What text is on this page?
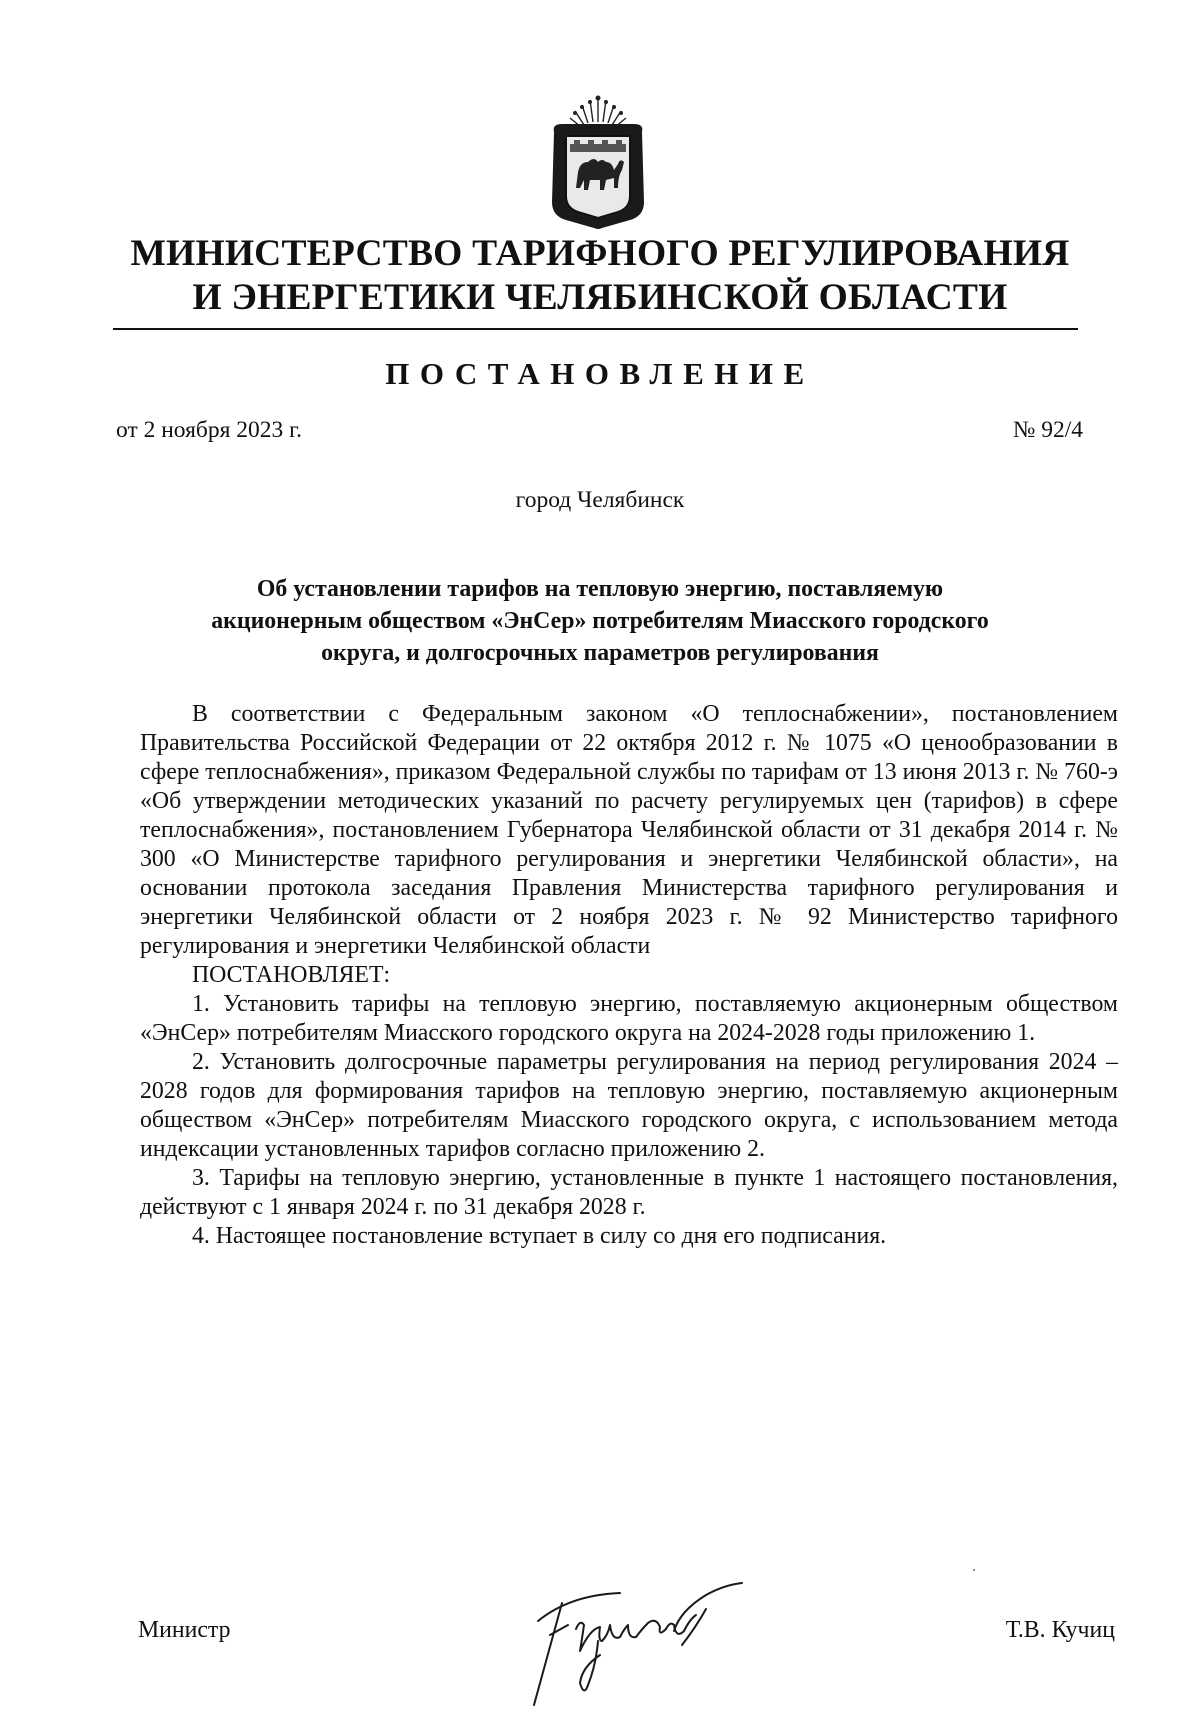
МИНИСТЕРСТВО ТАРИФНОГО РЕГУЛИРОВАНИЯ
И ЭНЕРГЕТИКИ ЧЕЛЯБИНСКОЙ ОБЛАСТИ
ПОСТАНОВЛЕНИЕ
от 2 ноября 2023 г.	№ 92/4
город Челябинск
Об установлении тарифов на тепловую энергию, поставляемую
акционерным обществом «ЭнСер» потребителям Миасского городского
округа, и долгосрочных параметров регулирования
В соответствии с Федеральным законом «О теплоснабжении», постановлением Правительства Российской Федерации от 22 октября 2012 г. № 1075 «О ценообразовании в сфере теплоснабжения», приказом Федеральной службы по тарифам от 13 июня 2013 г. № 760-э «Об утверждении методических указаний по расчету регулируемых цен (тарифов) в сфере теплоснабжения», постановлением Губернатора Челябинской области от 31 декабря 2014 г. № 300 «О Министерстве тарифного регулирования и энергетики Челябинской области», на основании протокола заседания Правления Министерства тарифного регулирования и энергетики Челябинской области от 2 ноября 2023 г. № 92 Министерство тарифного регулирования и энергетики Челябинской области
ПОСТАНОВЛЯЕТ:
1. Установить тарифы на тепловую энергию, поставляемую акционерным обществом «ЭнСер» потребителям Миасского городского округа на 2024-2028 годы приложению 1.
2. Установить долгосрочные параметры регулирования на период регулирования 2024 – 2028 годов для формирования тарифов на тепловую энергию, поставляемую акционерным обществом «ЭнСер» потребителям Миасского городского округа, с использованием метода индексации установленных тарифов согласно приложению 2.
3. Тарифы на тепловую энергию, установленные в пункте 1 настоящего постановления, действуют с 1 января 2024 г. по 31 декабря 2028 г.
4. Настоящее постановление вступает в силу со дня его подписания.
Министр	Т.В. Кучиц
